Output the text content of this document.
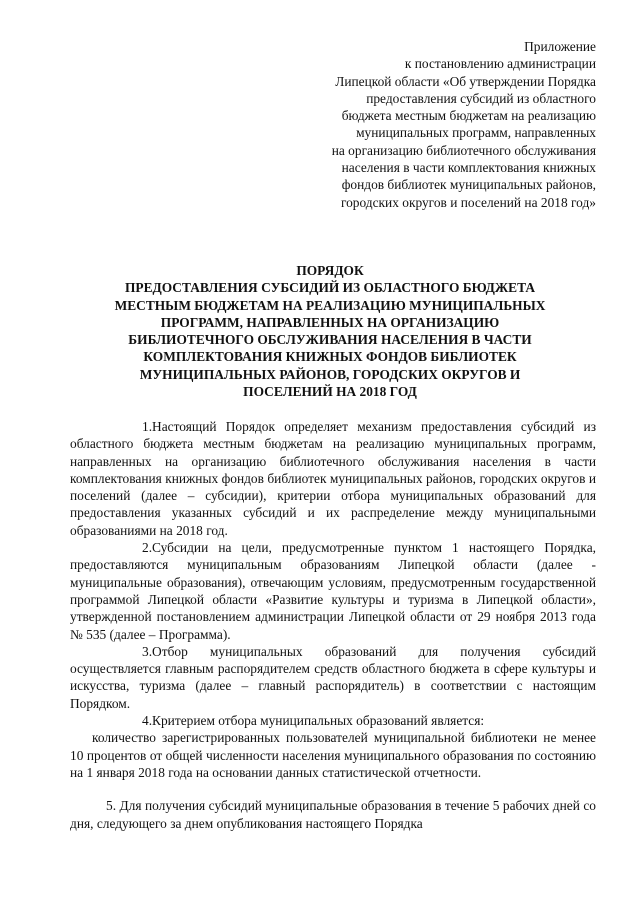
Приложение
к постановлению администрации
Липецкой области «Об утверждении Порядка
предоставления субсидий из областного
бюджета местным бюджетам на реализацию
муниципальных программ, направленных
на организацию библиотечного обслуживания
населения в части комплектования книжных
фондов библиотек муниципальных районов,
городских округов и поселений на 2018 год»
ПОРЯДОК
ПРЕДОСТАВЛЕНИЯ СУБСИДИЙ ИЗ ОБЛАСТНОГО БЮДЖЕТА
МЕСТНЫМ БЮДЖЕТАМ НА РЕАЛИЗАЦИЮ МУНИЦИПАЛЬНЫХ
ПРОГРАММ, НАПРАВЛЕННЫХ НА ОРГАНИЗАЦИЮ
БИБЛИОТЕЧНОГО ОБСЛУЖИВАНИЯ НАСЕЛЕНИЯ В ЧАСТИ
КОМПЛЕКТОВАНИЯ КНИЖНЫХ ФОНДОВ БИБЛИОТЕК
МУНИЦИПАЛЬНЫХ РАЙОНОВ, ГОРОДСКИХ ОКРУГОВ И
ПОСЕЛЕНИЙ НА 2018 ГОД

1.Настоящий Порядок определяет механизм предоставления субсидий из областного бюджета местным бюджетам на реализацию муниципальных программ, направленных на организацию библиотечного обслуживания населения в части комплектования книжных фондов библиотек муниципальных районов, городских округов и поселений (далее – субсидии), критерии отбора муниципальных образований для предоставления указанных субсидий и их распределение между муниципальными образованиями на 2018 год.

2.Субсидии на цели, предусмотренные пунктом 1 настоящего Порядка, предоставляются муниципальным образованиям Липецкой области (далее - муниципальные образования), отвечающим условиям, предусмотренным государственной программой Липецкой области «Развитие культуры и туризма в Липецкой области», утвержденной постановлением администрации Липецкой области от 29 ноября 2013 года № 535 (далее – Программа).

3.Отбор муниципальных образований для получения субсидий осуществляется главным распорядителем средств областного бюджета в сфере культуры и искусства, туризма (далее – главный распорядитель) в соответствии с настоящим Порядком.

4.Критерием отбора муниципальных образований является:

количество зарегистрированных пользователей муниципальной библиотеки не менее 10 процентов от общей численности населения муниципального образования по состоянию на 1 января 2018 года на основании данных статистической отчетности.

5. Для получения субсидий муниципальные образования в течение 5 рабочих дней со дня, следующего за днем опубликования настоящего Порядка
